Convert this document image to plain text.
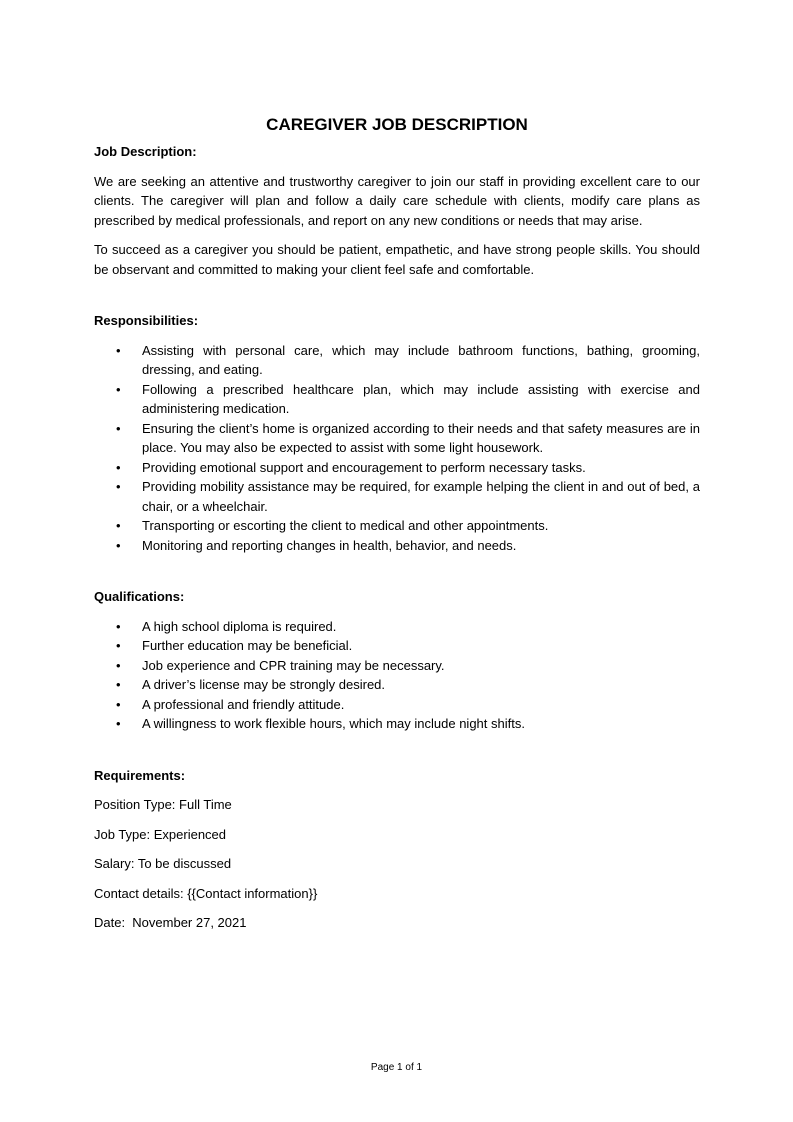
CAREGIVER JOB DESCRIPTION

Job Description:

We are seeking an attentive and trustworthy caregiver to join our staff in providing excellent care to our clients. The caregiver will plan and follow a daily care schedule with clients, modify care plans as prescribed by medical professionals, and report on any new conditions or needs that may arise.

To succeed as a caregiver you should be patient, empathetic, and have strong people skills. You should be observant and committed to making your client feel safe and comfortable.

Responsibilities:

• Assisting with personal care, which may include bathroom functions, bathing, grooming, dressing, and eating.
• Following a prescribed healthcare plan, which may include assisting with exercise and administering medication.
• Ensuring the client’s home is organized according to their needs and that safety measures are in place. You may also be expected to assist with some light housework.
• Providing emotional support and encouragement to perform necessary tasks.
• Providing mobility assistance may be required, for example helping the client in and out of bed, a chair, or a wheelchair.
• Transporting or escorting the client to medical and other appointments.
• Monitoring and reporting changes in health, behavior, and needs.

Qualifications:

• A high school diploma is required.
• Further education may be beneficial.
• Job experience and CPR training may be necessary.
• A driver’s license may be strongly desired.
• A professional and friendly attitude.
• A willingness to work flexible hours, which may include night shifts.

Requirements:

Position Type: Full Time

Job Type: Experienced

Salary: To be discussed

Contact details: {{Contact information}}

Date:  November 27, 2021

Page 1 of 1
